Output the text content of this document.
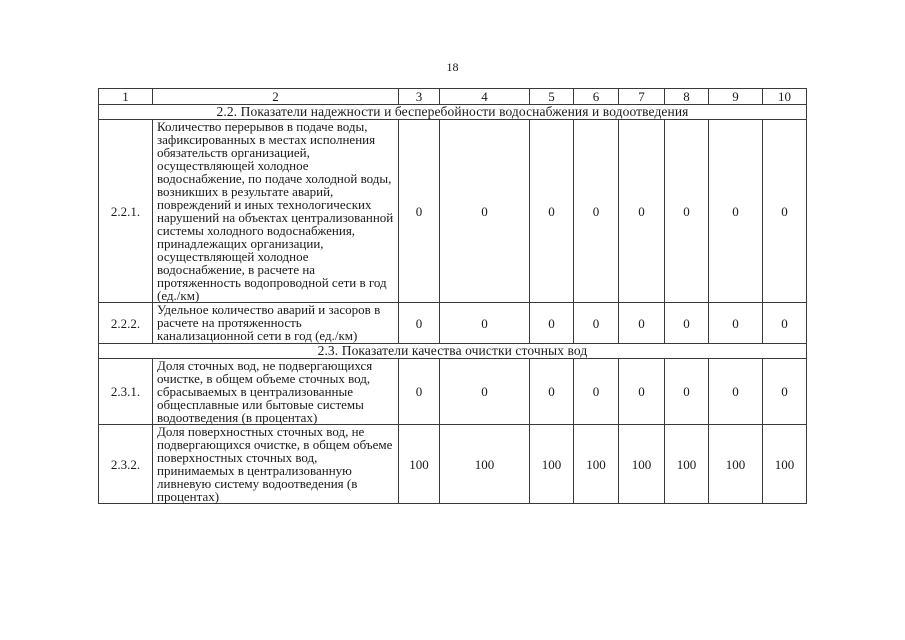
18
1	2	3	4	5	6	7	8	9	10
2.2. Показатели надежности и бесперебойности водоснабжения и водоотведения									
2.2.1.	Количество перерывов в подаче воды, зафиксированных в местах исполнения обязательств организацией, осуществляющей холодное водоснабжение, по подаче холодной воды, возникших в результате аварий, повреждений и иных технологических нарушений на объектах централизованной системы холодного водоснабжения, принадлежащих организации, осуществляющей холодное водоснабжение, в расчете на протяженность водопроводной сети в год (ед./км)	0	0	0	0	0	0	0	0
2.2.2.	Удельное количество аварий и засоров в расчете на протяженность канализационной сети в год (ед./км)	0	0	0	0	0	0	0	0
2.3. Показатели качества очистки сточных вод									
2.3.1.	Доля сточных вод, не подвергающихся очистке, в общем объеме сточных вод, сбрасываемых в централизованные общесплавные или бытовые системы водоотведения (в процентах)	0	0	0	0	0	0	0	0
2.3.2.	Доля поверхностных сточных вод, не подвергающихся очистке, в общем объеме поверхностных сточных вод, принимаемых в централизованную ливневую систему водоотведения (в процентах)	100	100	100	100	100	100	100	100
